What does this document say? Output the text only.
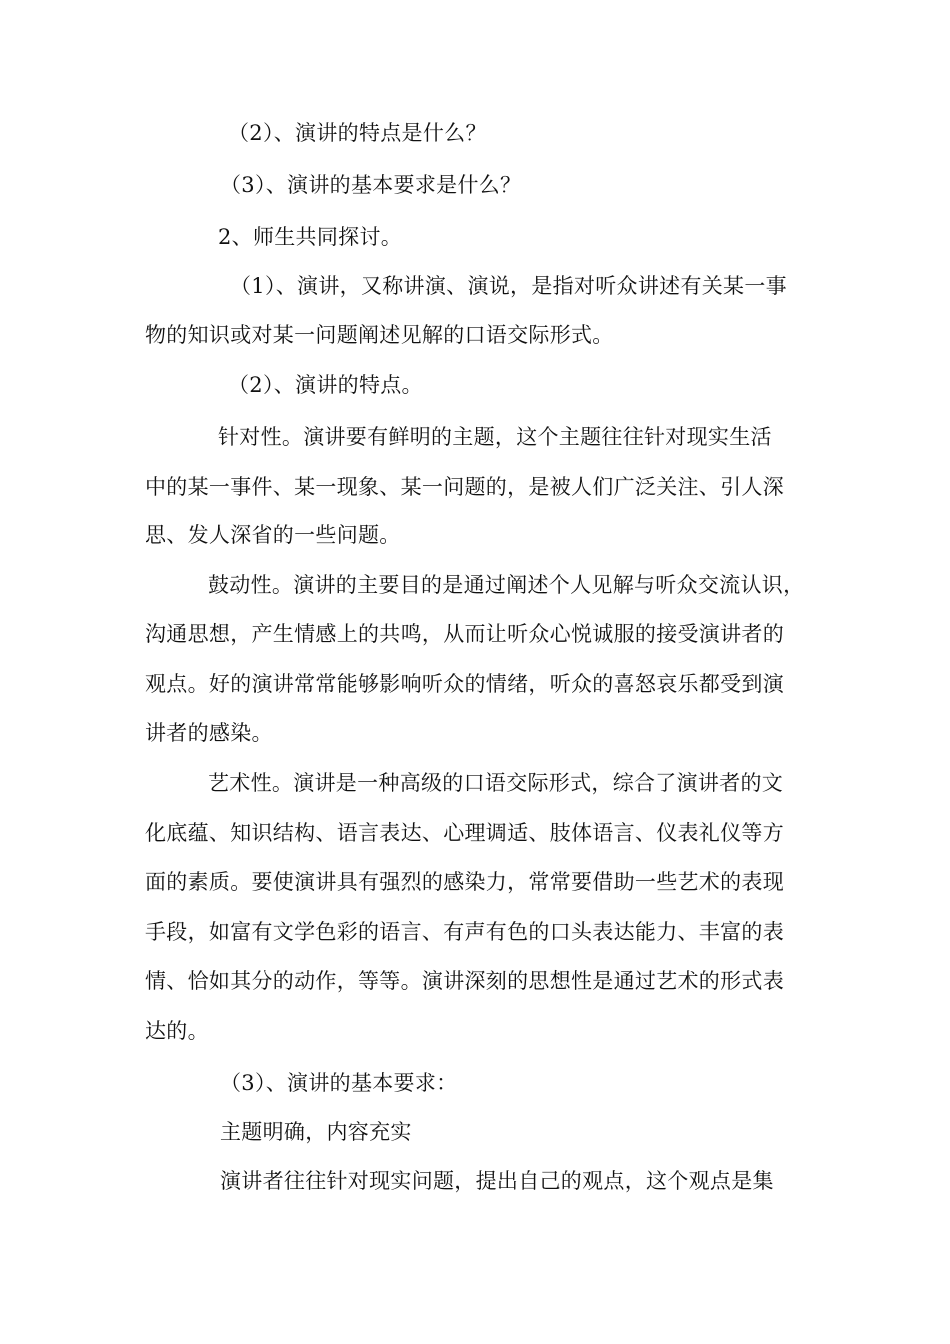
（2）、演讲的特点是什么？
（3）、演讲的基本要求是什么？
2、师生共同探讨。
（1）、演讲，又称讲演、演说，是指对听众讲述有关某一事
物的知识或对某一问题阐述见解的口语交际形式。
（2）、演讲的特点。
针对性。演讲要有鲜明的主题，这个主题往往针对现实生活
中的某一事件、某一现象、某一问题的，是被人们广泛关注、引人深
思、发人深省的一些问题。
鼓动性。演讲的主要目的是通过阐述个人见解与听众交流认识，
沟通思想，产生情感上的共鸣，从而让听众心悦诚服的接受演讲者的
观点。好的演讲常常能够影响听众的情绪，听众的喜怒哀乐都受到演
讲者的感染。
艺术性。演讲是一种高级的口语交际形式，综合了演讲者的文
化底蕴、知识结构、语言表达、心理调适、肢体语言、仪表礼仪等方
面的素质。要使演讲具有强烈的感染力，常常要借助一些艺术的表现
手段，如富有文学色彩的语言、有声有色的口头表达能力、丰富的表
情、恰如其分的动作，等等。演讲深刻的思想性是通过艺术的形式表
达的。
（3）、演讲的基本要求：
主题明确，内容充实
演讲者往往针对现实问题，提出自己的观点，这个观点是集
